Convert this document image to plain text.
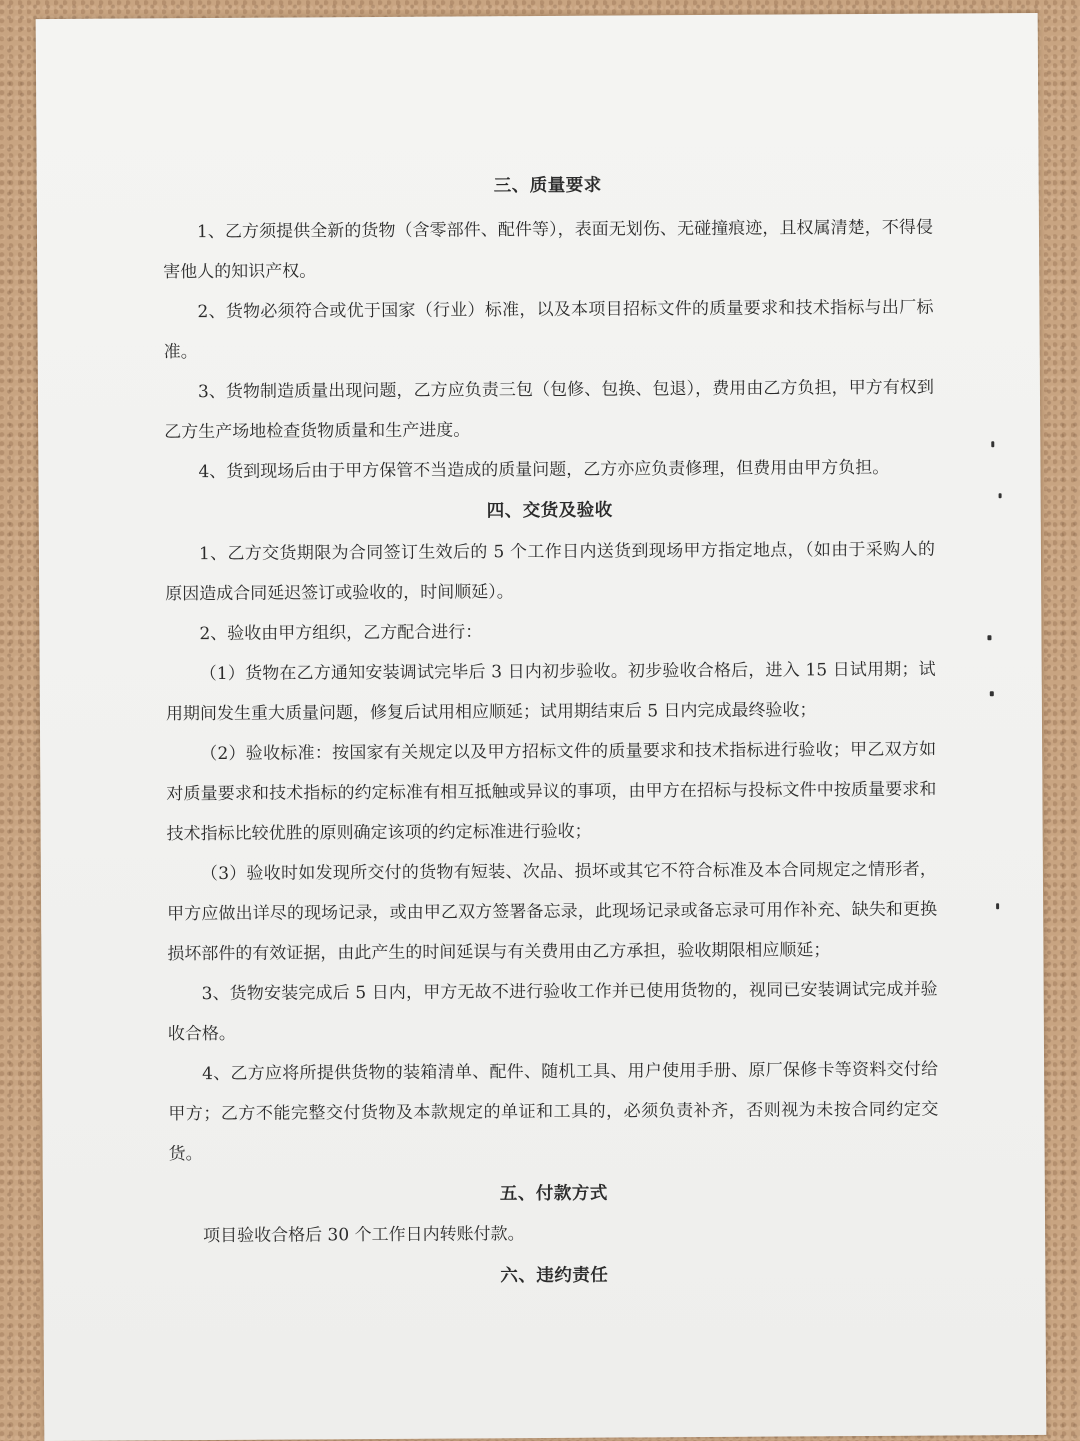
三、质量要求

1、乙方须提供全新的货物（含零部件、配件等），表面无划伤、无碰撞痕迹，且权属清楚，不得侵害他人的知识产权。

2、货物必须符合或优于国家（行业）标准，以及本项目招标文件的质量要求和技术指标与出厂标准。

3、货物制造质量出现问题，乙方应负责三包（包修、包换、包退），费用由乙方负担，甲方有权到乙方生产场地检查货物质量和生产进度。

4、货到现场后由于甲方保管不当造成的质量问题，乙方亦应负责修理，但费用由甲方负担。

四、交货及验收

1、乙方交货期限为合同签订生效后的 5 个工作日内送货到现场甲方指定地点，（如由于采购人的原因造成合同延迟签订或验收的，时间顺延）。

2、验收由甲方组织，乙方配合进行：

（1）货物在乙方通知安装调试完毕后 3 日内初步验收。初步验收合格后，进入 15 日试用期；试用期间发生重大质量问题，修复后试用相应顺延；试用期结束后 5 日内完成最终验收；

（2）验收标准：按国家有关规定以及甲方招标文件的质量要求和技术指标进行验收；甲乙双方如对质量要求和技术指标的约定标准有相互抵触或异议的事项，由甲方在招标与投标文件中按质量要求和技术指标比较优胜的原则确定该项的约定标准进行验收；

（3）验收时如发现所交付的货物有短装、次品、损坏或其它不符合标准及本合同规定之情形者，甲方应做出详尽的现场记录，或由甲乙双方签署备忘录，此现场记录或备忘录可用作补充、缺失和更换损坏部件的有效证据，由此产生的时间延误与有关费用由乙方承担，验收期限相应顺延；

3、货物安装完成后 5 日内，甲方无故不进行验收工作并已使用货物的，视同已安装调试完成并验收合格。

4、乙方应将所提供货物的装箱清单、配件、随机工具、用户使用手册、原厂保修卡等资料交付给甲方；乙方不能完整交付货物及本款规定的单证和工具的，必须负责补齐，否则视为未按合同约定交货。

五、付款方式

项目验收合格后 30 个工作日内转账付款。

六、违约责任
